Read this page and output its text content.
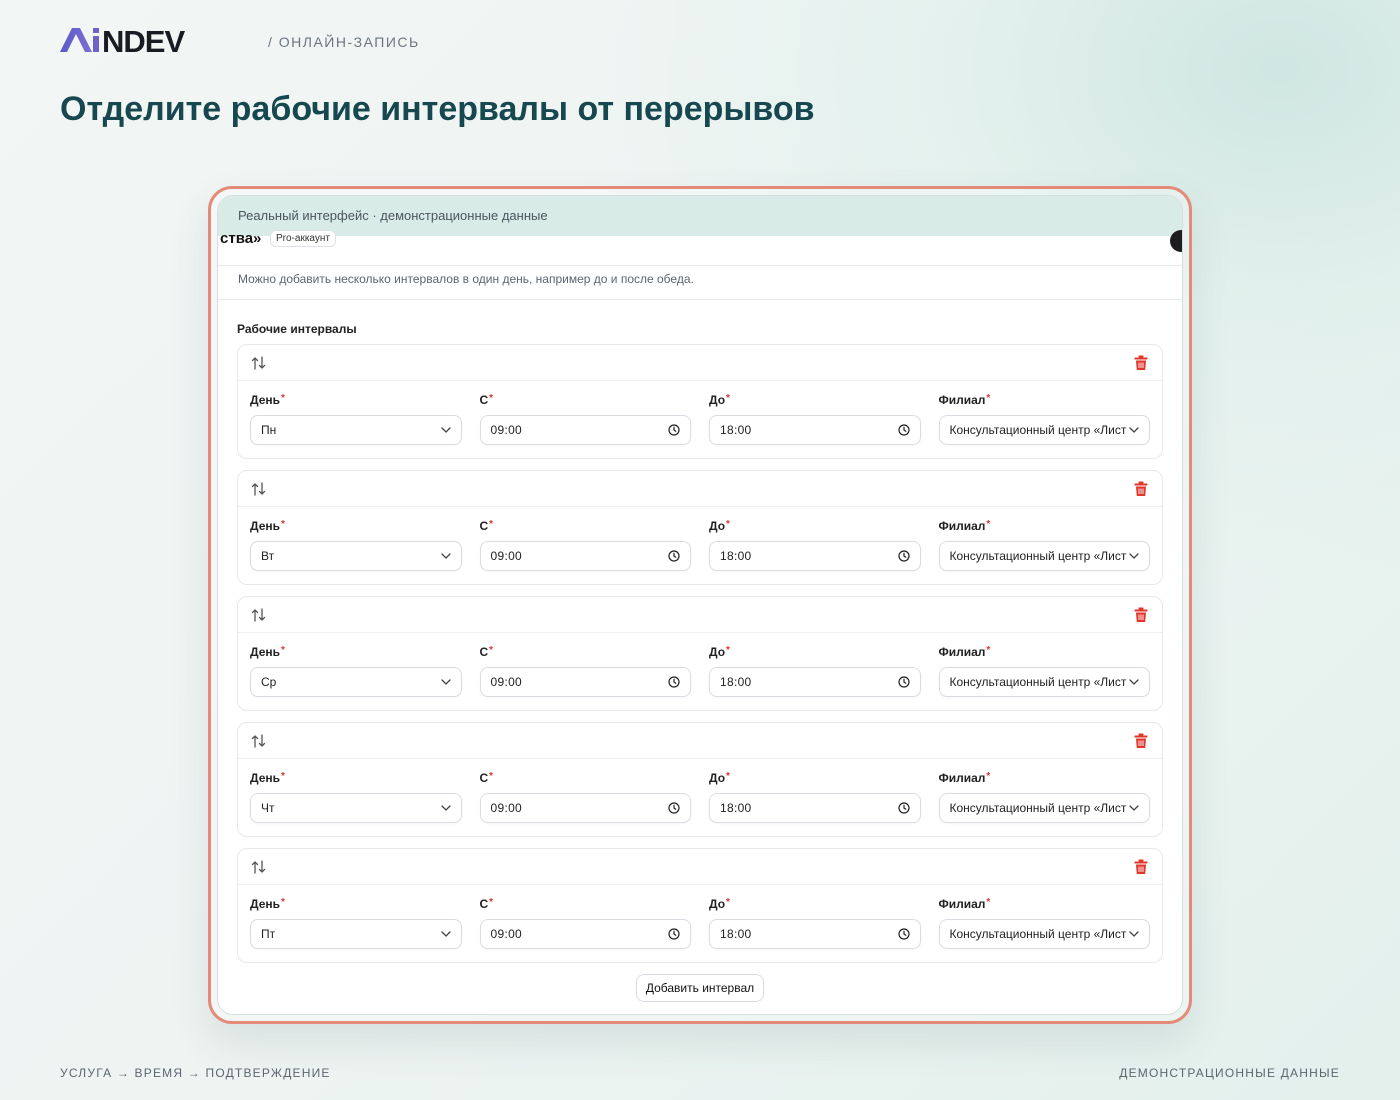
NDEV	/ ОНЛАЙН-ЗАПИСЬ
Отделите рабочие интервалы от перерывов
Реальный интерфейс · демонстрационные данные
ства»	Pro-аккаунт
Можно добавить несколько интервалов в один день, например до и после обеда.
Рабочие интервалы
День*
Пн
С*
09:00
До*
18:00
Филиал*
Консультационный центр «Лист
День*
Вт
С*
09:00
До*
18:00
Филиал*
Консультационный центр «Лист
День*
Ср
С*
09:00
До*
18:00
Филиал*
Консультационный центр «Лист
День*
Чт
С*
09:00
До*
18:00
Филиал*
Консультационный центр «Лист
День*
Пт
С*
09:00
До*
18:00
Филиал*
Консультационный центр «Лист
Добавить интервал
УСЛУГА → ВРЕМЯ → ПОДТВЕРЖДЕНИЕ	ДЕМОНСТРАЦИОННЫЕ ДАННЫЕ
